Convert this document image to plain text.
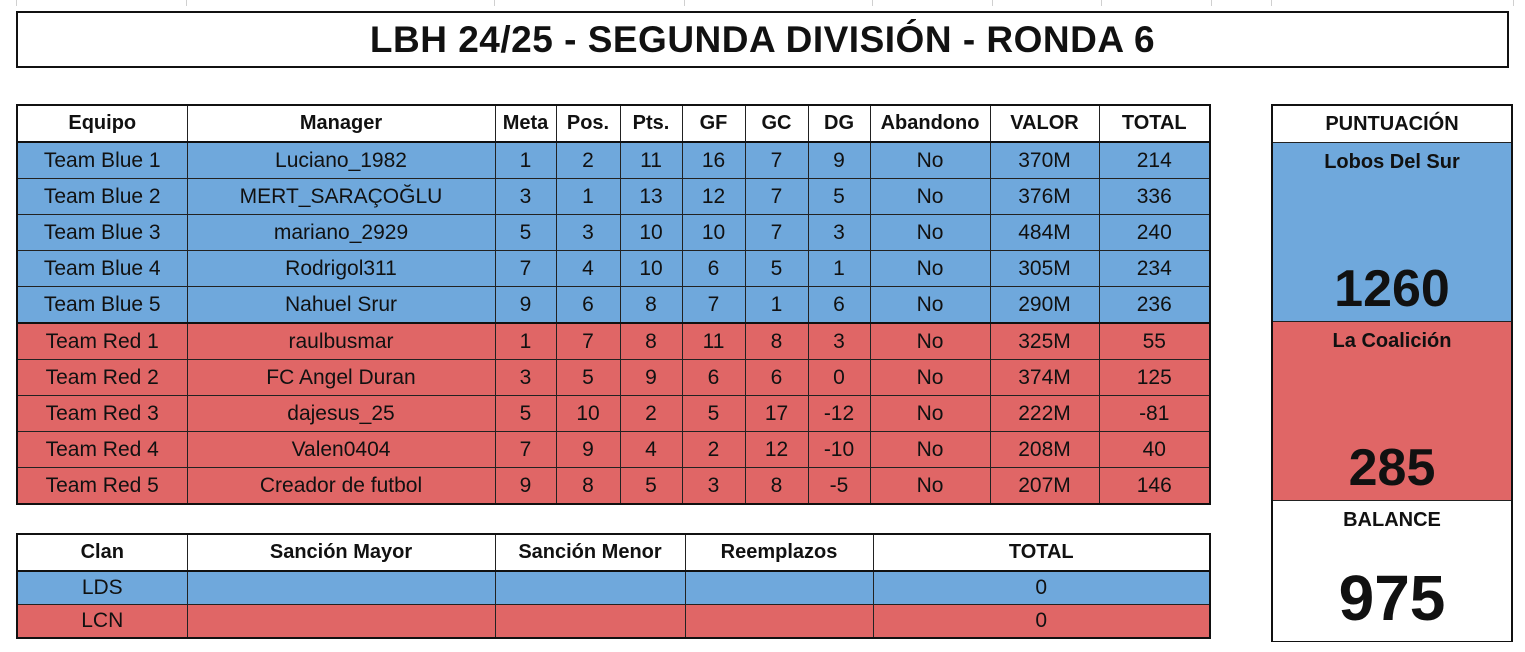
LBH 24/25 - SEGUNDA DIVISIÓN - RONDA 6
Equipo	Manager	Meta	Pos.	Pts.	GF	GC	DG	Abandono	VALOR	TOTAL
Team Blue 1	Luciano_1982	1	2	11	16	7	9	No	370M	214
Team Blue 2	MERT_SARAÇOĞLU	3	1	13	12	7	5	No	376M	336
Team Blue 3	mariano_2929	5	3	10	10	7	3	No	484M	240
Team Blue 4	Rodrigol311	7	4	10	6	5	1	No	305M	234
Team Blue 5	Nahuel Srur	9	6	8	7	1	6	No	290M	236
Team Red 1	raulbusmar	1	7	8	11	8	3	No	325M	55
Team Red 2	FC Angel Duran	3	5	9	6	6	0	No	374M	125
Team Red 3	dajesus_25	5	10	2	5	17	-12	No	222M	-81
Team Red 4	Valen0404	7	9	4	2	12	-10	No	208M	40
Team Red 5	Creador de futbol	9	8	5	3	8	-5	No	207M	146
Clan	Sanción Mayor	Sanción Menor	Reemplazos	TOTAL
LDS				0
LCN				0
PUNTUACIÓN
Lobos Del Sur
1260
La Coalición
285
BALANCE
975
